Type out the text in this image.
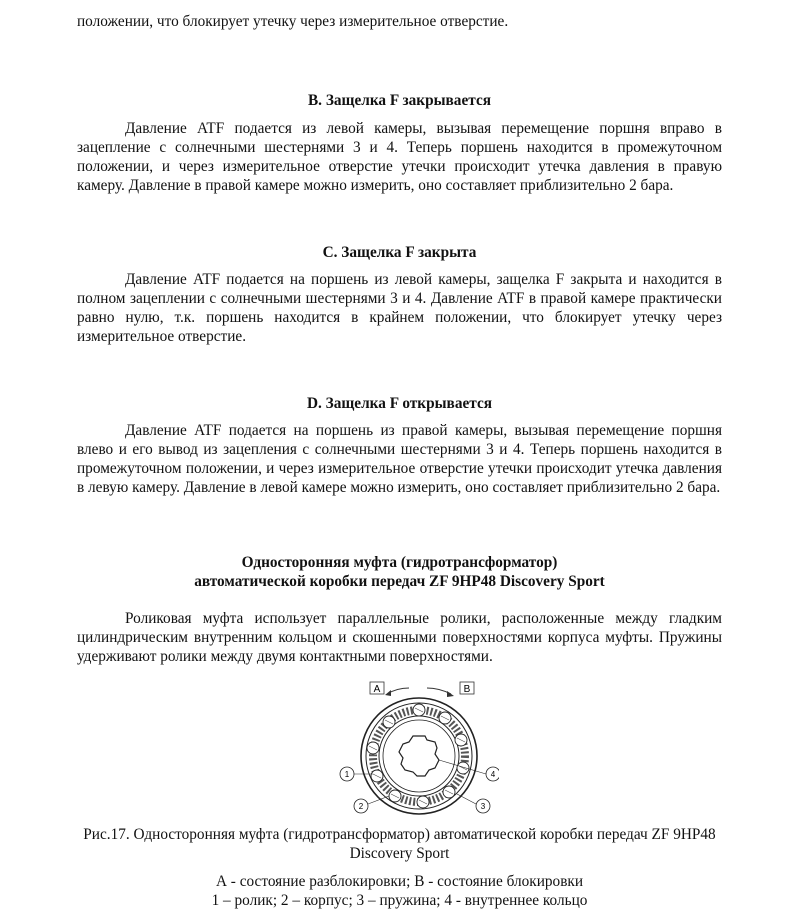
положении, что блокирует утечку через измерительное отверстие.

B. Защелка F закрывается

Давление ATF подается из левой камеры, вызывая перемещение поршня вправо в зацепление с солнечными шестернями 3 и 4. Теперь поршень находится в промежуточном положении, и через измерительное отверстие утечки происходит утечка давления в правую камеру. Давление в правой камере можно измерить, оно составляет приблизительно 2 бара.

C. Защелка F закрыта

Давление ATF подается на поршень из левой камеры, защелка F закрыта и находится в полном зацеплении с солнечными шестернями 3 и 4. Давление ATF в правой камере практически равно нулю, т.к. поршень находится в крайнем положении, что блокирует утечку через измерительное отверстие.

D. Защелка F открывается

Давление ATF подается на поршень из правой камеры, вызывая перемещение поршня влево и его вывод из зацепления с солнечными шестернями 3 и 4. Теперь поршень находится в промежуточном положении, и через измерительное отверстие утечки происходит утечка давления в левую камеру. Давление в левой камере можно измерить, оно составляет приблизительно 2 бара.

Односторонняя муфта (гидротрансформатор)

автоматической коробки передач ZF 9HP48 Discovery Sport

Роликовая муфта использует параллельные ролики, расположенные между гладким цилиндрическим внутренним кольцом и скошенными поверхностями корпуса муфты. Пружины удерживают ролики между двумя контактными поверхностями.

A	B
1
2	3
4

Рис.17. Односторонняя муфта (гидротрансформатор) автоматической коробки передач ZF 9HP48 Discovery Sport

А - состояние разблокировки; В - состояние блокировки

1 – ролик; 2 – корпус; 3 – пружина; 4 - внутреннее кольцо
